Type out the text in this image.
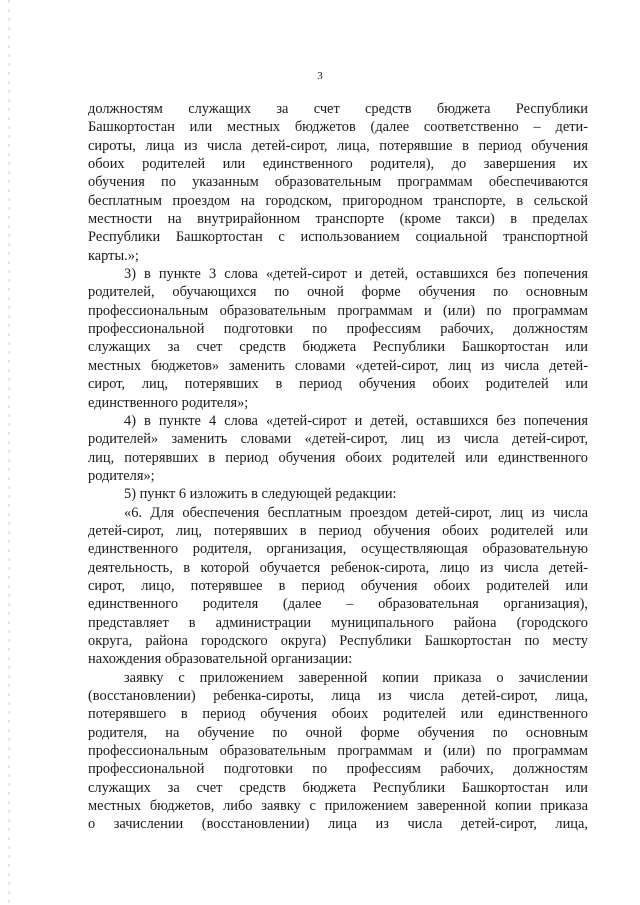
3
должностям служащих за счет средств бюджета Республики
Башкортостан или местных бюджетов (далее соответственно – дети-
сироты, лица из числа детей-сирот, лица, потерявшие в период обучения
обоих родителей или единственного родителя), до завершения их
обучения по указанным образовательным программам обеспечиваются
бесплатным проездом на городском, пригородном транспорте, в сельской
местности на внутрирайонном транспорте (кроме такси) в пределах
Республики Башкортостан с использованием социальной транспортной
карты.»;
3) в пункте 3 слова «детей-сирот и детей, оставшихся без попечения
родителей, обучающихся по очной форме обучения по основным
профессиональным образовательным программам и (или) по программам
профессиональной подготовки по профессиям рабочих, должностям
служащих за счет средств бюджета Республики Башкортостан или
местных бюджетов» заменить словами «детей-сирот, лиц из числа детей-
сирот, лиц, потерявших в период обучения обоих родителей или
единственного родителя»;
4) в пункте 4 слова «детей-сирот и детей, оставшихся без попечения
родителей» заменить словами «детей-сирот, лиц из числа детей-сирот,
лиц, потерявших в период обучения обоих родителей или единственного
родителя»;
5) пункт 6 изложить в следующей редакции:
«6. Для обеспечения бесплатным проездом детей-сирот, лиц из числа
детей-сирот, лиц, потерявших в период обучения обоих родителей или
единственного родителя, организация, осуществляющая образовательную
деятельность, в которой обучается ребенок-сирота, лицо из числа детей-
сирот, лицо, потерявшее в период обучения обоих родителей или
единственного родителя (далее – образовательная организация),
представляет в администрации муниципального района (городского
округа, района городского округа) Республики Башкортостан по месту
нахождения образовательной организации:
заявку с приложением заверенной копии приказа о зачислении
(восстановлении) ребенка-сироты, лица из числа детей-сирот, лица,
потерявшего в период обучения обоих родителей или единственного
родителя, на обучение по очной форме обучения по основным
профессиональным образовательным программам и (или) по программам
профессиональной подготовки по профессиям рабочих, должностям
служащих за счет средств бюджета Республики Башкортостан или
местных бюджетов, либо заявку с приложением заверенной копии приказа
о зачислении (восстановлении) лица из числа детей-сирот, лица,
